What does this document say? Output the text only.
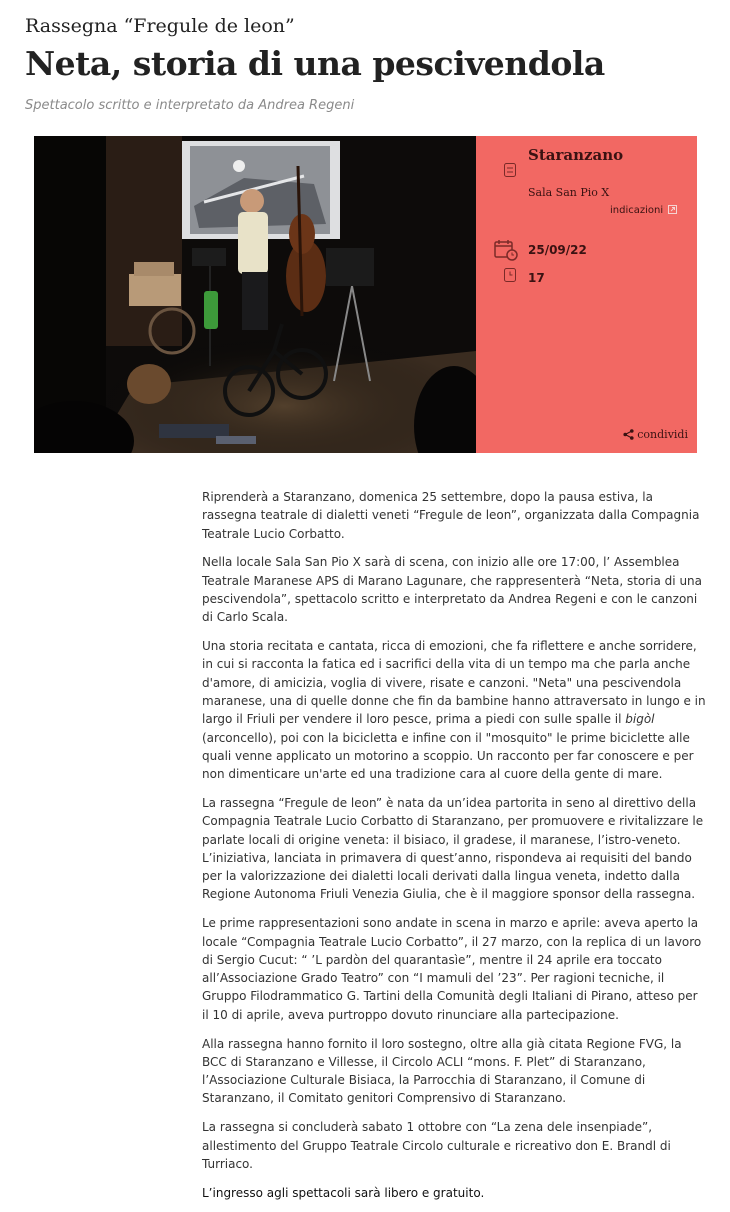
Rassegna “Fregule de leon”
Neta, storia di una pescivendola
Spettacolo scritto e interpretato da Andrea Regeni
Staranzano
Sala San Pio X
indicazioni
25/09/22
17
condividi

Riprenderà a Staranzano, domenica 25 settembre, dopo la pausa estiva, la rassegna teatrale di dialetti veneti “Fregule de leon”, organizzata dalla Compagnia Teatrale Lucio Corbatto.

Nella locale Sala San Pio X sarà di scena, con inizio alle ore 17:00, l’ Assemblea Teatrale Maranese APS di Marano Lagunare, che rappresenterà “Neta, storia di una pescivendola”, spettacolo scritto e interpretato da Andrea Regeni e con le canzoni di Carlo Scala.

Una storia recitata e cantata, ricca di emozioni, che fa riflettere e anche sorridere, in cui si racconta la fatica ed i sacrifici della vita di un tempo ma che parla anche d'amore, di amicizia, voglia di vivere, risate e canzoni. "Neta" una pescivendola maranese, una di quelle donne che fin da bambine hanno attraversato in lungo e in largo il Friuli per vendere il loro pesce, prima a piedi con sulle spalle il bigòl (arconcello), poi con la bicicletta e infine con il "mosquito" le prime biciclette alle quali venne applicato un motorino a scoppio. Un racconto per far conoscere e per non dimenticare un'arte ed una tradizione cara al cuore della gente di mare.

La rassegna “Fregule de leon” è nata da un’idea partorita in seno al direttivo della Compagnia Teatrale Lucio Corbatto di Staranzano, per promuovere e rivitalizzare le parlate locali di origine veneta: il bisiaco, il gradese, il maranese, l’istro-veneto. L’iniziativa, lanciata in primavera di quest’anno, rispondeva ai requisiti del bando per la valorizzazione dei dialetti locali derivati dalla lingua veneta, indetto dalla Regione Autonoma Friuli Venezia Giulia, che è il maggiore sponsor della rassegna.

Le prime rappresentazioni sono andate in scena in marzo e aprile: aveva aperto la locale “Compagnia Teatrale Lucio Corbatto”, il 27 marzo, con la replica di un lavoro di Sergio Cucut: “ ’L pardòn del quarantasìe”, mentre il 24 aprile era toccato all’Associazione Grado Teatro” con “I mamuli del ’23”. Per ragioni tecniche, il Gruppo Filodrammatico G. Tartini della Comunità degli Italiani di Pirano, atteso per il 10 di aprile, aveva purtroppo dovuto rinunciare alla partecipazione.

Alla rassegna hanno fornito il loro sostegno, oltre alla già citata Regione FVG, la BCC di Staranzano e Villesse, il Circolo ACLI “mons. F. Plet” di Staranzano, l’Associazione Culturale Bisiaca, la Parrocchia di Staranzano, il Comune di Staranzano, il Comitato genitori Comprensivo di Staranzano.

La rassegna si concluderà sabato 1 ottobre con “La zena dele insenpiade”, allestimento del Gruppo Teatrale Circolo culturale e ricreativo don E. Brandl di Turriaco.

L’ingresso agli spettacoli sarà libero e gratuito.
